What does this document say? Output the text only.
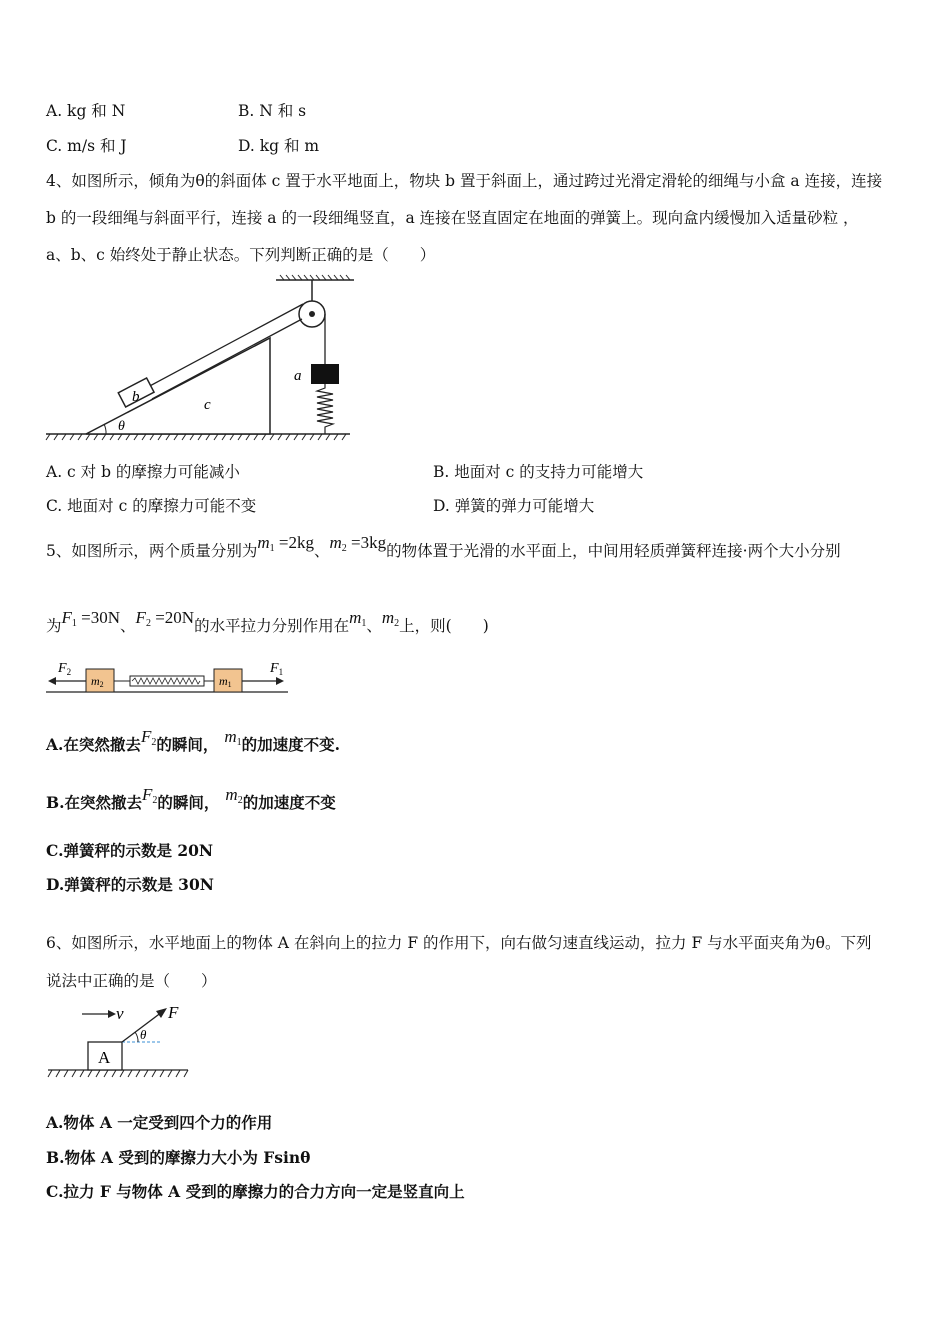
A. kg 和 N	B. N 和 s
C. m/s 和 J	D. kg 和 m
4、如图所示，倾角为θ的斜面体 c 置于水平地面上，物块 b 置于斜面上，通过跨过光滑定滑轮的细绳与小盒 a 连接，连接
b 的一段细绳与斜面平行，连接 a 的一段细绳竖直，a 连接在竖直固定在地面的弹簧上。现向盒内缓慢加入适量砂粒 ，
a、b、c 始终处于静止状态。下列判断正确的是（　　）
b	c
θ
a
A. c 对 b 的摩擦力可能减小	B. 地面对 c 的支持力可能增大
C. 地面对 c 的摩擦力可能不变	D. 弹簧的弹力可能增大
5、如图所示，两个质量分别为$m_1 =2kg$、$m_2 =3kg$的物体置于光滑的水平面上，中间用轻质弹簧秤连接·两个大小分别
为$F_1 =30N$、$F_2 =20N$的水平拉力分别作用在$m_1$、$m_2$上，则(　　)
$F_2$
m2	m1
$F_1$
A.在突然撤去$F_2$的瞬间， $m_1$的加速度不变.
B.在突然撤去$F_2$的瞬间， $m_2$的加速度不变
C.弹簧秤的示数是 20N
D.弹簧秤的示数是 30N
6、如图所示，水平地面上的物体 A 在斜向上的拉力 F 的作用下，向右做匀速直线运动，拉力 F 与水平面夹角为θ。下列
说法中正确的是（　　）
v
A
F
θ
A.物体 A 一定受到四个力的作用
B.物体 A 受到的摩擦力大小为 Fsinθ
C.拉力 F 与物体 A 受到的摩擦力的合力方向一定是竖直向上
